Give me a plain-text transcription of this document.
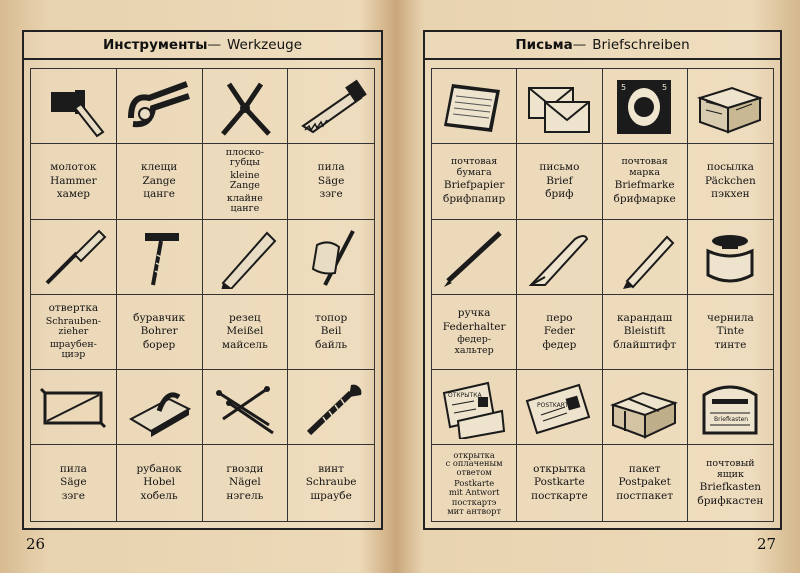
Инструменты — Werkzeuge
молоток
Hammer
хамер
клещи
Zange
цанге
плоско-
губцы
kleine
Zange
клайне
цанге
пила
Säge
зэге
отвертка
Schrauben-
zieher
шраубен-
циэр
буравчик
Bohrer
борер
резец
Meißel
майсель
топор
Beil
байль
пила
Säge
зэге
рубанок
Hobel
хобель
гвозди
Nägel
нэгель
винт
Schraube
шраубе
Письма — Briefschreiben
почтовая
бумага
Briefpapier
брифпапир
письмо
Brief
бриф
5	5
почтовая
марка
Briefmarke
брифмарке
посылка
Päckchen
пэкхен
ручка
Federhalter
федер-
хальтер
перо
Feder
федер
карандаш
Bleistift
блайштифт
чернила
Tinte
тинте
ОТКРЫТКА
открытка
с оплаченым
ответом
Postkarte
mit Antwort
посткартэ
мит антворт
POSTKARTE
открытка
Postkarte
посткарте
пакет
Postpaket
постпакет
Briefkasten
почтовый
ящик
Briefkasten
брифкастен
26	27
